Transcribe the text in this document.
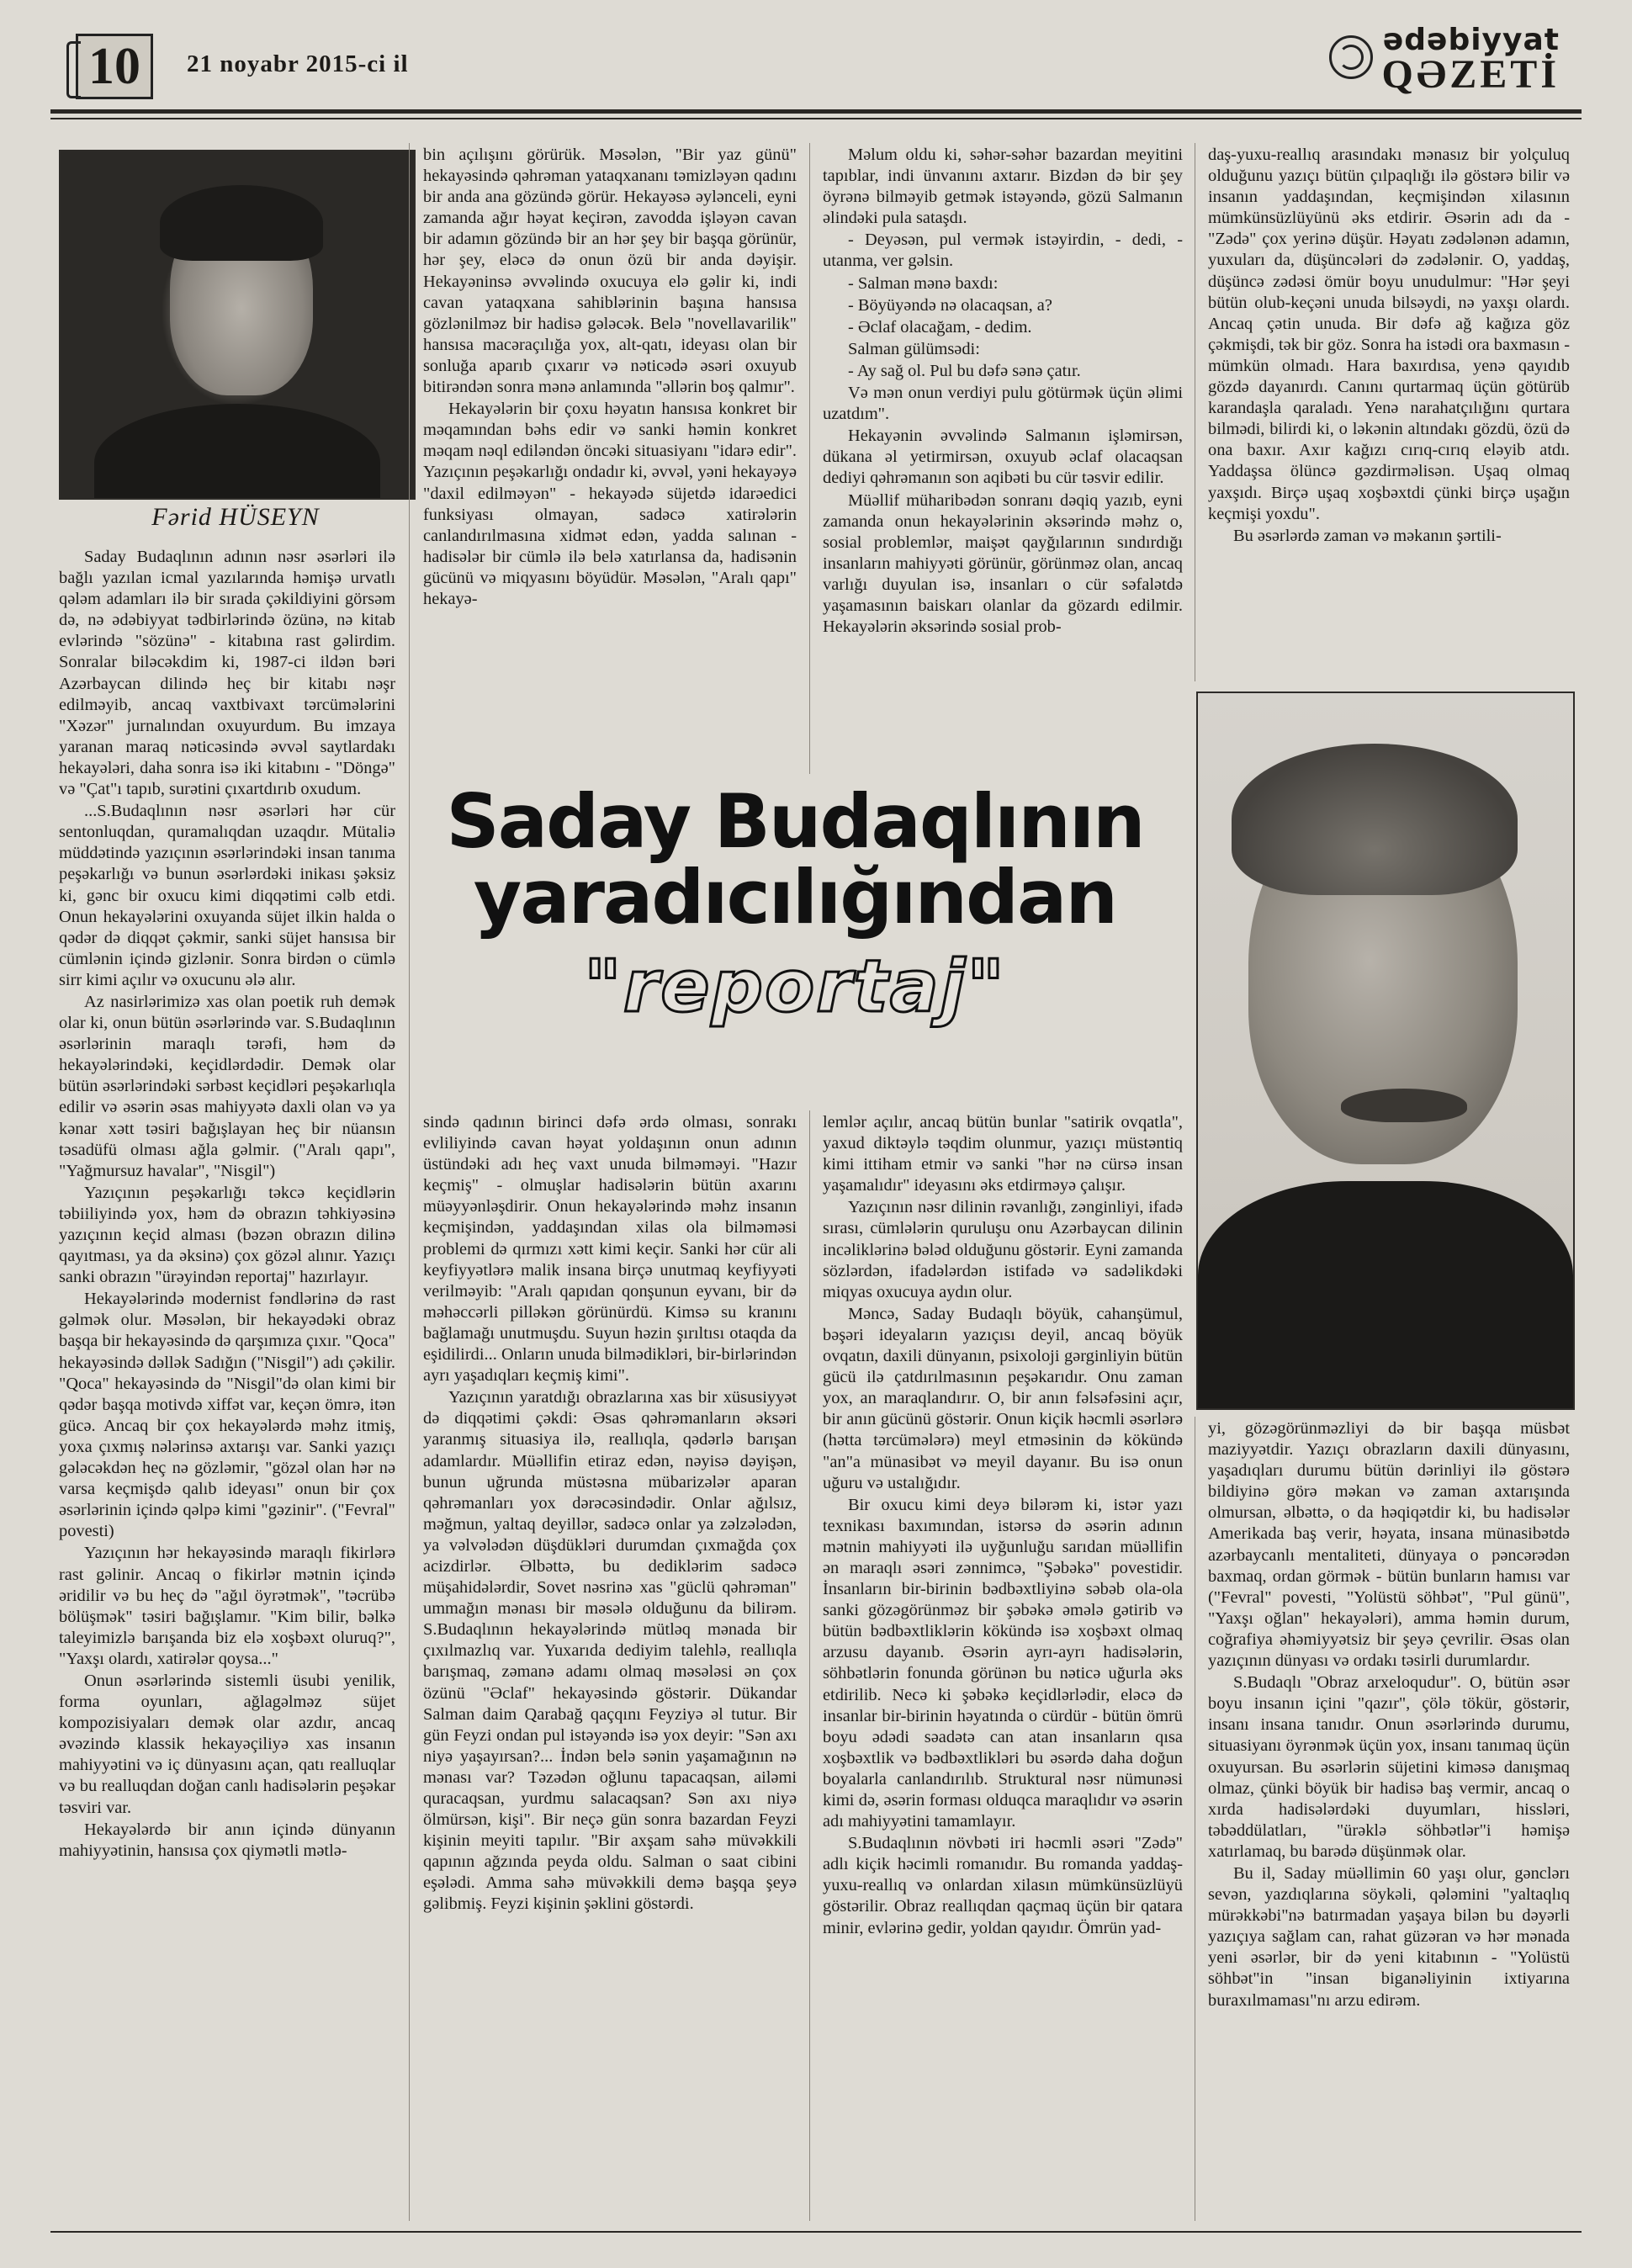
10	21 noyabr 2015-ci il
ədəbiyyat
QƏZETİ
Fərid HÜSEYN

Saday Budaqlının adının nəsr əsərləri ilə bağlı yazılan icmal yazılarında həmişə urvatlı qələm adamları ilə bir sırada çəkildiyini görsəm də, nə ədəbiyyat tədbirlərində özünə, nə kitab evlərində "sözünə" - kitabına rast gəlirdim. Sonralar biləcəkdim ki, 1987-ci ildən bəri Azərbaycan dilində heç bir kitabı nəşr edilməyib, ancaq vaxtbivaxt tərcümələrini "Xəzər" jurnalından oxuyurdum. Bu imzaya yaranan maraq nəticəsində əvvəl saytlardakı hekayələri, daha sonra isə iki kitabını - "Döngə" və "Çat"ı tapıb, surətini çıxartdırıb oxudum.

...S.Budaqlının nəsr əsərləri hər cür sentonluqdan, quramalıqdan uzaqdır. Mütaliə müddətində yazıçının əsərlərindəki insan tanıma peşəkarlığı və bunun əsərlərdəki inikası şəksiz ki, gənc bir oxucu kimi diqqətimi cəlb etdi. Onun hekayələrini oxuyanda süjet ilkin halda o qədər də diqqət çəkmir, sanki süjet hansısa bir cümlənin içində gizlənir. Sonra birdən o cümlə sirr kimi açılır və oxucunu ələ alır.

Az nasirlərimizə xas olan poetik ruh demək olar ki, onun bütün əsərlərində var. S.Budaqlının əsərlərinin maraqlı tərəfi, həm də hekayələrindəki, keçidlərdədir. Demək olar bütün əsərlərindəki sərbəst keçidləri peşəkarlıqla edilir və əsərin əsas mahiyyətə daxli olan və ya kənar xətt təsiri bağışlayan heç bir nüansın təsadüfü olması ağla gəlmir. ("Aralı qapı", "Yağmursuz havalar", "Nisgil")

Yazıçının peşəkarlığı təkcə keçidlərin təbiiliyində yox, həm də obrazın təhkiyəsinə yazıçının keçid alması (bəzən obrazın dilinə qayıtması, ya da əksinə) çox gözəl alınır. Yazıçı sanki obrazın "ürəyindən reportaj" hazırlayır.

Hekayələrində modernist fəndlərinə də rast gəlmək olur. Məsələn, bir hekayədəki obraz başqa bir hekayəsində də qarşımıza çıxır. "Qoca" hekayəsində dəllək Sadığın ("Nisgil") adı çəkilir. "Qoca" hekayəsində də "Nisgil"də olan kimi bir qədər başqa motivdə xiffət var, keçən ömrə, itən gücə. Ancaq bir çox hekayələrdə məhz itmiş, yoxa çıxmış nələrinsə axtarışı var. Sanki yazıçı gələcəkdən heç nə gözləmir, "gözəl olan hər nə varsa keçmişdə qalıb ideyası" onun bir çox əsərlərinin içində qəlpə kimi "gəzinir". ("Fevral" povesti)

Yazıçının hər hekayəsində maraqlı fikirlərə rast gəlinir. Ancaq o fikirlər mətnin içində əridilir və bu heç də "ağıl öyrətmək", "təcrübə bölüşmək" təsiri bağışlamır. "Kim bilir, bəlkə taleyimizlə barışanda biz elə xoşbəxt oluruq?", "Yaxşı olardı, xatirələr qoysa..."

Onun əsərlərində sistemli üsubi yenilik, forma oyunları, ağlagəlməz süjet kompozisiyaları demək olar azdır, ancaq əvəzində klassik hekayəçiliyə xas insanın mahiyyətini və iç dünyasını açan, qatı realluqlar və bu realluqdan doğan canlı hadisələrin peşəkar təsviri var.

Hekayələrdə bir anın içində dünyanın mahiyyətinin, hansısa çox qiymətli mətlə-

bin açılışını görürük. Məsələn, "Bir yaz günü" hekayəsində qəhrəman yataqxananı təmizləyən qadını bir anda ana gözündə görür. Hekayəsə əylənceli, eyni zamanda ağır həyat keçirən, zavodda işləyən cavan bir adamın gözündə bir an hər şey bir başqa görünür, hər şey, eləcə də onun özü bir anda dəyişir. Hekayəninsə əvvəlində oxucuya elə gəlir ki, indi cavan yataqxana sahiblərinin başına hansısa gözlənilməz bir hadisə gələcək. Belə "novellavarilik" hansısa macəraçılığa yox, alt-qatı, ideyası olan bir sonluğa aparıb çıxarır və nəticədə əsəri oxuyub bitirəndən sonra mənə anlamında "əllərin boş qalmır".

Hekayələrin bir çoxu həyatın hansısa konkret bir məqamından bəhs edir və sanki həmin konkret məqam nəql ediləndən öncəki situasiyanı "idarə edir". Yazıçının peşəkarlığı ondadır ki, əvvəl, yəni hekayəyə "daxil edilməyən" - hekayədə süjetdə idarəedici funksiyası olmayan, sadəcə xatirələrin canlandırılmasına xidmət edən, yadda salınan - hadisələr bir cümlə ilə belə xatırlansa da, hadisənin gücünü və miqyasını böyüdür. Məsələn, "Aralı qapı" hekayə-

Məlum oldu ki, səhər-səhər bazardan meyitini tapıblar, indi ünvanını axtarır. Bizdən də bir şey öyrənə bilməyib getmək istəyəndə, gözü Salmanın əlindəki pula sataşdı.

- Deyəsən, pul vermək istəyirdin, - dedi, - utanma, ver gəlsin.

- Salman mənə baxdı:

- Böyüyəndə nə olacaqsan, a?

- Əclaf olacağam, - dedim.

Salman gülümsədi:

- Ay sağ ol. Pul bu dəfə sənə çatır.

Və mən onun verdiyi pulu götürmək üçün əlimi uzatdım".

Hekayənin əvvəlində Salmanın işləmirsən, dükana əl yetirmirsən, oxuyub əclaf olacaqsan dediyi qəhrəmanın son aqibəti bu cür təsvir edilir.

Müəllif müharibədən sonranı dəqiq yazıb, eyni zamanda onun hekayələrinin əksərində məhz o, sosial problemlər, maişət qayğılarının sındırdığı insanların mahiyyəti görünür, görünməz olan, ancaq varlığı duyulan isə, insanları o cür səfalətdə yaşamasının baiskarı olanlar da gözardı edilmir. Hekayələrin əksərində sosial prob-

daş-yuxu-reallıq arasındakı mənasız bir yolçuluq olduğunu yazıçı bütün çılpaqlığı ilə göstərə bilir və insanın yaddaşından, keçmişindən xilasının mümkünsüzlüyünü əks etdirir. Əsərin adı da - "Zədə" çox yerinə düşür. Həyatı zədələnən adamın, yuxuları da, düşüncələri də zədələnir. O, yaddaş, düşüncə zədəsi ömür boyu unudulmur: "Hər şeyi bütün olub-keçəni unuda bilsəydi, nə yaxşı olardı. Ancaq çətin unuda. Bir dəfə ağ kağıza göz çəkmişdi, tək bir göz. Sonra ha istədi ora baxmasın - mümkün olmadı. Hara baxırdısa, yenə qayıdıb gözdə dayanırdı. Canını qurtarmaq üçün götürüb karandaşla qaraladı. Yenə narahatçılığını qurtara bilmədi, bilirdi ki, o ləkənin altındakı gözdü, özü də ona baxır. Axır kağızı cırıq-cırıq eləyib atdı. Yaddaşsa ölüncə gəzdirməlisən. Uşaq olmaq yaxşıdı. Birçə uşaq xoşbəxtdi çünki birçə uşağın keçmişi yoxdu".

Bu əsərlərdə zaman və məkanın şərtili-

Saday Budaqlının
yaradıcılığından
"reportaj"

sində qadının birinci dəfə ərdə olması, sonrakı evliliyində cavan həyat yoldaşının onun adının üstündəki adı heç vaxt unuda bilməməyi. "Hazır keçmiş" - olmuşlar hadisələrin bütün axarını müəyyənləşdirir. Onun hekayələrində məhz insanın keçmişindən, yaddaşından xilas ola bilməməsi problemi də qırmızı xətt kimi keçir. Sanki hər cür ali keyfiyyətlərə malik insana birçə unutmaq keyfiyyəti verilməyib: "Aralı qapıdan qonşunun eyvanı, bir də məhəccərli pilləkən görünürdü. Kimsə su kranını bağlamağı unutmuşdu. Suyun həzin şırıltısı otaqda da eşidilirdi... Onların unuda bilmədikləri, bir-birlərindən ayrı yaşadıqları keçmiş kimi".

Yazıçının yaratdığı obrazlarına xas bir xüsusiyyət də diqqətimi çəkdi: Əsas qəhrəmanların əksəri yaranmış situasiya ilə, reallıqla, qədərlə barışan adamlardır. Müəllifin etiraz edən, nəyisə dəyişən, bunun uğrunda müstəsna mübarizələr aparan qəhrəmanları yox dərəcəsindədir. Onlar ağılsız, məğmun, yaltaq deyillər, sadəcə onlar ya zəlzələdən, ya vəlvələdən düşdükləri durumdan çıxmağda çox acizdirlər. Əlbəttə, bu dediklərim sadəcə müşahidələrdir, Sovet nəsrinə xas "güclü qəhrəman" ummağın mənası bir məsələ olduğunu da bilirəm. S.Budaqlının hekayələrində mütləq mənada bir çıxılmazlıq var. Yuxarıda dediyim talehlə, reallıqla barışmaq, zəmanə adamı olmaq məsələsi ən çox özünü "Əclaf" hekayəsində göstərir. Dükandar Salman daim Qarabağ qaçqını Feyziyə əl tutur. Bir gün Feyzi ondan pul istəyəndə isə yox deyir: "Sən axı niyə yaşayırsan?... İndən belə sənin yaşamağının nə mənası var? Təzədən oğlunu tapacaqsan, ailəmi quracaqsan, yurdmu salacaqsan? Sən axı niyə ölmürsən, kişi". Bir neçə gün sonra bazardan Feyzi kişinin meyiti tapılır. "Bir axşam sahə müvəkkili qapının ağzında peyda oldu. Salman o saat cibini eşələdi. Amma sahə müvəkkili demə başqa şeyə gəlibmiş. Feyzi kişinin şəklini göstərdi.

lemlər açılır, ancaq bütün bunlar "satirik ovqatla", yaxud diktəylə təqdim olunmur, yazıçı müstəntiq kimi ittiham etmir və sanki "hər nə cürsə insan yaşamalıdır" ideyasını əks etdirməyə çalışır.

Yazıçının nəsr dilinin rəvanlığı, zənginliyi, ifadə sırası, cümlələrin quruluşu onu Azərbaycan dilinin incəliklərinə bələd olduğunu göstərir. Eyni zamanda sözlərdən, ifadələrdən istifadə və sadəlikdəki miqyas oxucuya aydın olur.

Məncə, Saday Budaqlı böyük, cahanşümul, bəşəri ideyaların yazıçısı deyil, ancaq böyük ovqatın, daxili dünyanın, psixoloji gərginliyin bütün gücü ilə çatdırılmasının peşəkarıdır. Onu zaman yox, an maraqlandırır. O, bir anın fəlsəfəsini açır, bir anın gücünü göstərir. Onun kiçik həcmli əsərlərə (hətta tərcümələrə) meyl etməsinin də kökündə "an"a münasibət və meyil dayanır. Bu isə onun uğuru və ustalığıdır.

Bir oxucu kimi deyə bilərəm ki, istər yazı texnikası baxımından, istərsə də əsərin adının mətnin mahiyyəti ilə uyğunluğu sarıdan müəllifin ən maraqlı əsəri zənnimcə, "Şəbəkə" povestidir. İnsanların bir-birinin bədbəxtliyinə səbəb ola-ola sanki gözəgörünməz bir şəbəkə əmələ gətirib və bütün bədbəxtliklərin kökündə isə xoşbəxt olmaq arzusu dayanıb. Əsərin ayrı-ayrı hadisələrin, söhbətlərin fonunda görünən bu nəticə uğurla əks etdirilib. Necə ki şəbəkə keçidlərlədir, eləcə də insanlar bir-birinin həyatında o cürdür - bütün ömrü boyu ədədi səadətə can atan insanların qısa xoşbəxtlik və bədbəxtlikləri bu əsərdə daha doğun boyalarla canlandırılıb. Struktural nəsr nümunəsi kimi də, əsərin forması olduqca maraqlıdır və əsərin adı mahiyyətini tamamlayır.

S.Budaqlının növbəti iri həcmli əsəri "Zədə" adlı kiçik həcimli romanıdır. Bu romanda yaddaş-yuxu-reallıq və onlardan xilasın mümkünsüzlüyü göstərilir. Obraz reallıqdan qaçmaq üçün bir qatara minir, evlərinə gedir, yoldan qayıdır. Ömrün yad-

yi, gözəgörünməzliyi də bir başqa müsbət maziyyətdir. Yazıçı obrazların daxili dünyasını, yaşadıqları durumu bütün dərinliyi ilə göstərə bildiyinə görə məkan və zaman axtarışında olmursan, əlbəttə, o da həqiqətdir ki, bu hadisələr Amerikada baş verir, həyata, insana münasibətdə azərbaycanlı mentaliteti, dünyaya o pəncərədən baxmaq, ordan görmək - bütün bunların hamısı var ("Fevral" povesti, "Yolüstü söhbət", "Pul günü", "Yaxşı oğlan" hekayələri), amma həmin durum, coğrafiya əhəmiyyətsiz bir şeyə çevrilir. Əsas olan yazıçının dünyası və ordakı təsirli durumlardır.

S.Budaqlı "Obraz arxeloqudur". O, bütün əsər boyu insanın içini "qazır", çölə tökür, göstərir, insanı insana tanıdır. Onun əsərlərində durumu, situasiyanı öyrənmək üçün yox, insanı tanımaq üçün oxuyursan. Bu əsərlərin süjetini kiməsə danışmaq olmaz, çünki böyük bir hadisə baş vermir, ancaq o xırda hadisələrdəki duyumları, hissləri, təbəddülatları, "ürəklə söhbətlər"i həmişə xatırlamaq, bu barədə düşünmək olar.

Bu il, Saday müəllimin 60 yaşı olur, gənclərı sevən, yazdıqlarına söykəli, qələmini "yaltaqlıq mürəkkəbi"nə batırmadan yaşaya bilən bu dəyərli yazıçıya sağlam can, rahat güzəran və hər mənada yeni əsərlər, bir də yeni kitabının - "Yolüstü söhbət"in "insan biganəliyinin ixtiyarına buraxılmaması"nı arzu edirəm.
